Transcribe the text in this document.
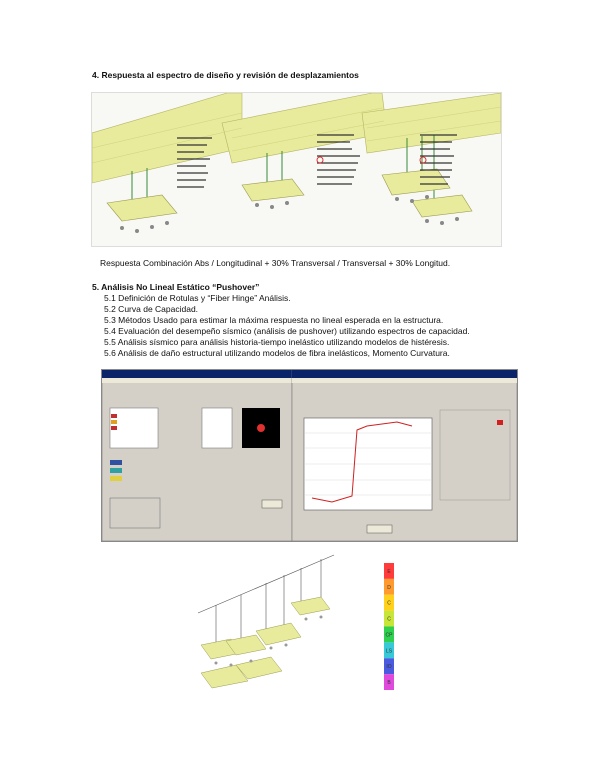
4. Respuesta al espectro de diseño y revisión de desplazamientos
Respuesta Combinación Abs / Longitudinal + 30% Transversal / Transversal + 30% Longitud.
5. Análisis No Lineal Estático “Pushover”
5.1 Definición de Rotulas y “Fiber Hinge” Análisis.
5.2 Curva de Capacidad.
5.3 Métodos Usado para estimar la máxima respuesta no lineal esperada en la estructura.
5.4 Evaluación del desempeño sísmico (análisis de pushover) utilizando espectros de capacidad.
5.5 Análisis sísmico para análisis historia-tiempo inelástico utilizando modelos de histéresis.
5.6 Análisis de daño estructural utilizando modelos de fibra inelásticos, Momento Curvatura.
E
D
C
C
CP
LS
IO
B
